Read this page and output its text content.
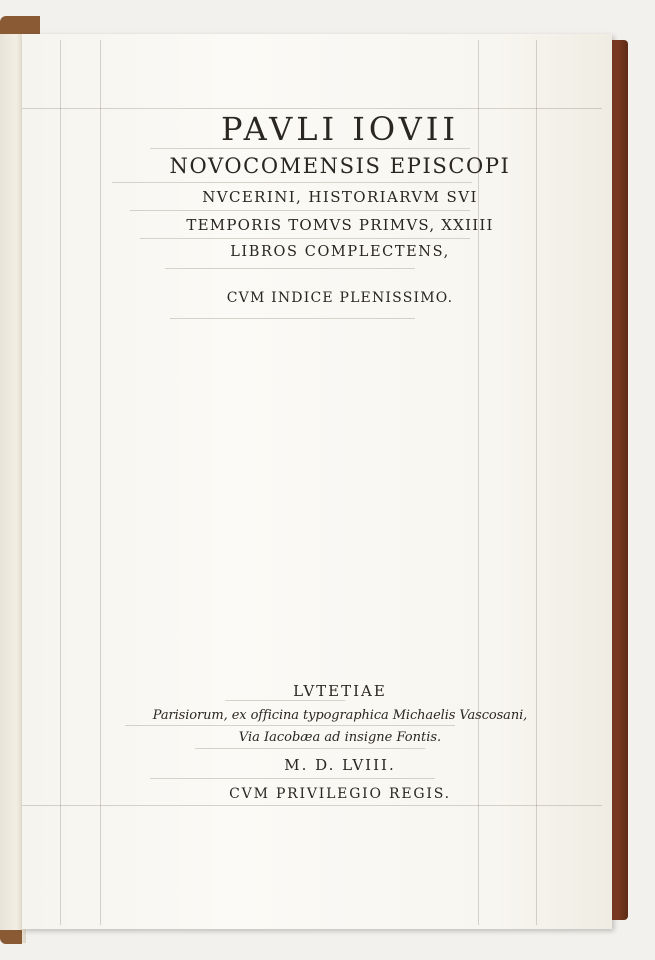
PAVLI IOVII
NOVOCOMENSIS EPISCOPI

NVCERINI, HISTORIARVM SVI

TEMPORIS TOMVS PRIMVS, XXIIII

LIBROS COMPLECTENS,

CVM INDICE PLENISSIMO.

LVTETIAE

Parisiorum, ex officina typographica Michaelis Vascosani,

Via Iacobæa ad insigne Fontis.

M. D. LVIII.

CVM PRIVILEGIO REGIS.
